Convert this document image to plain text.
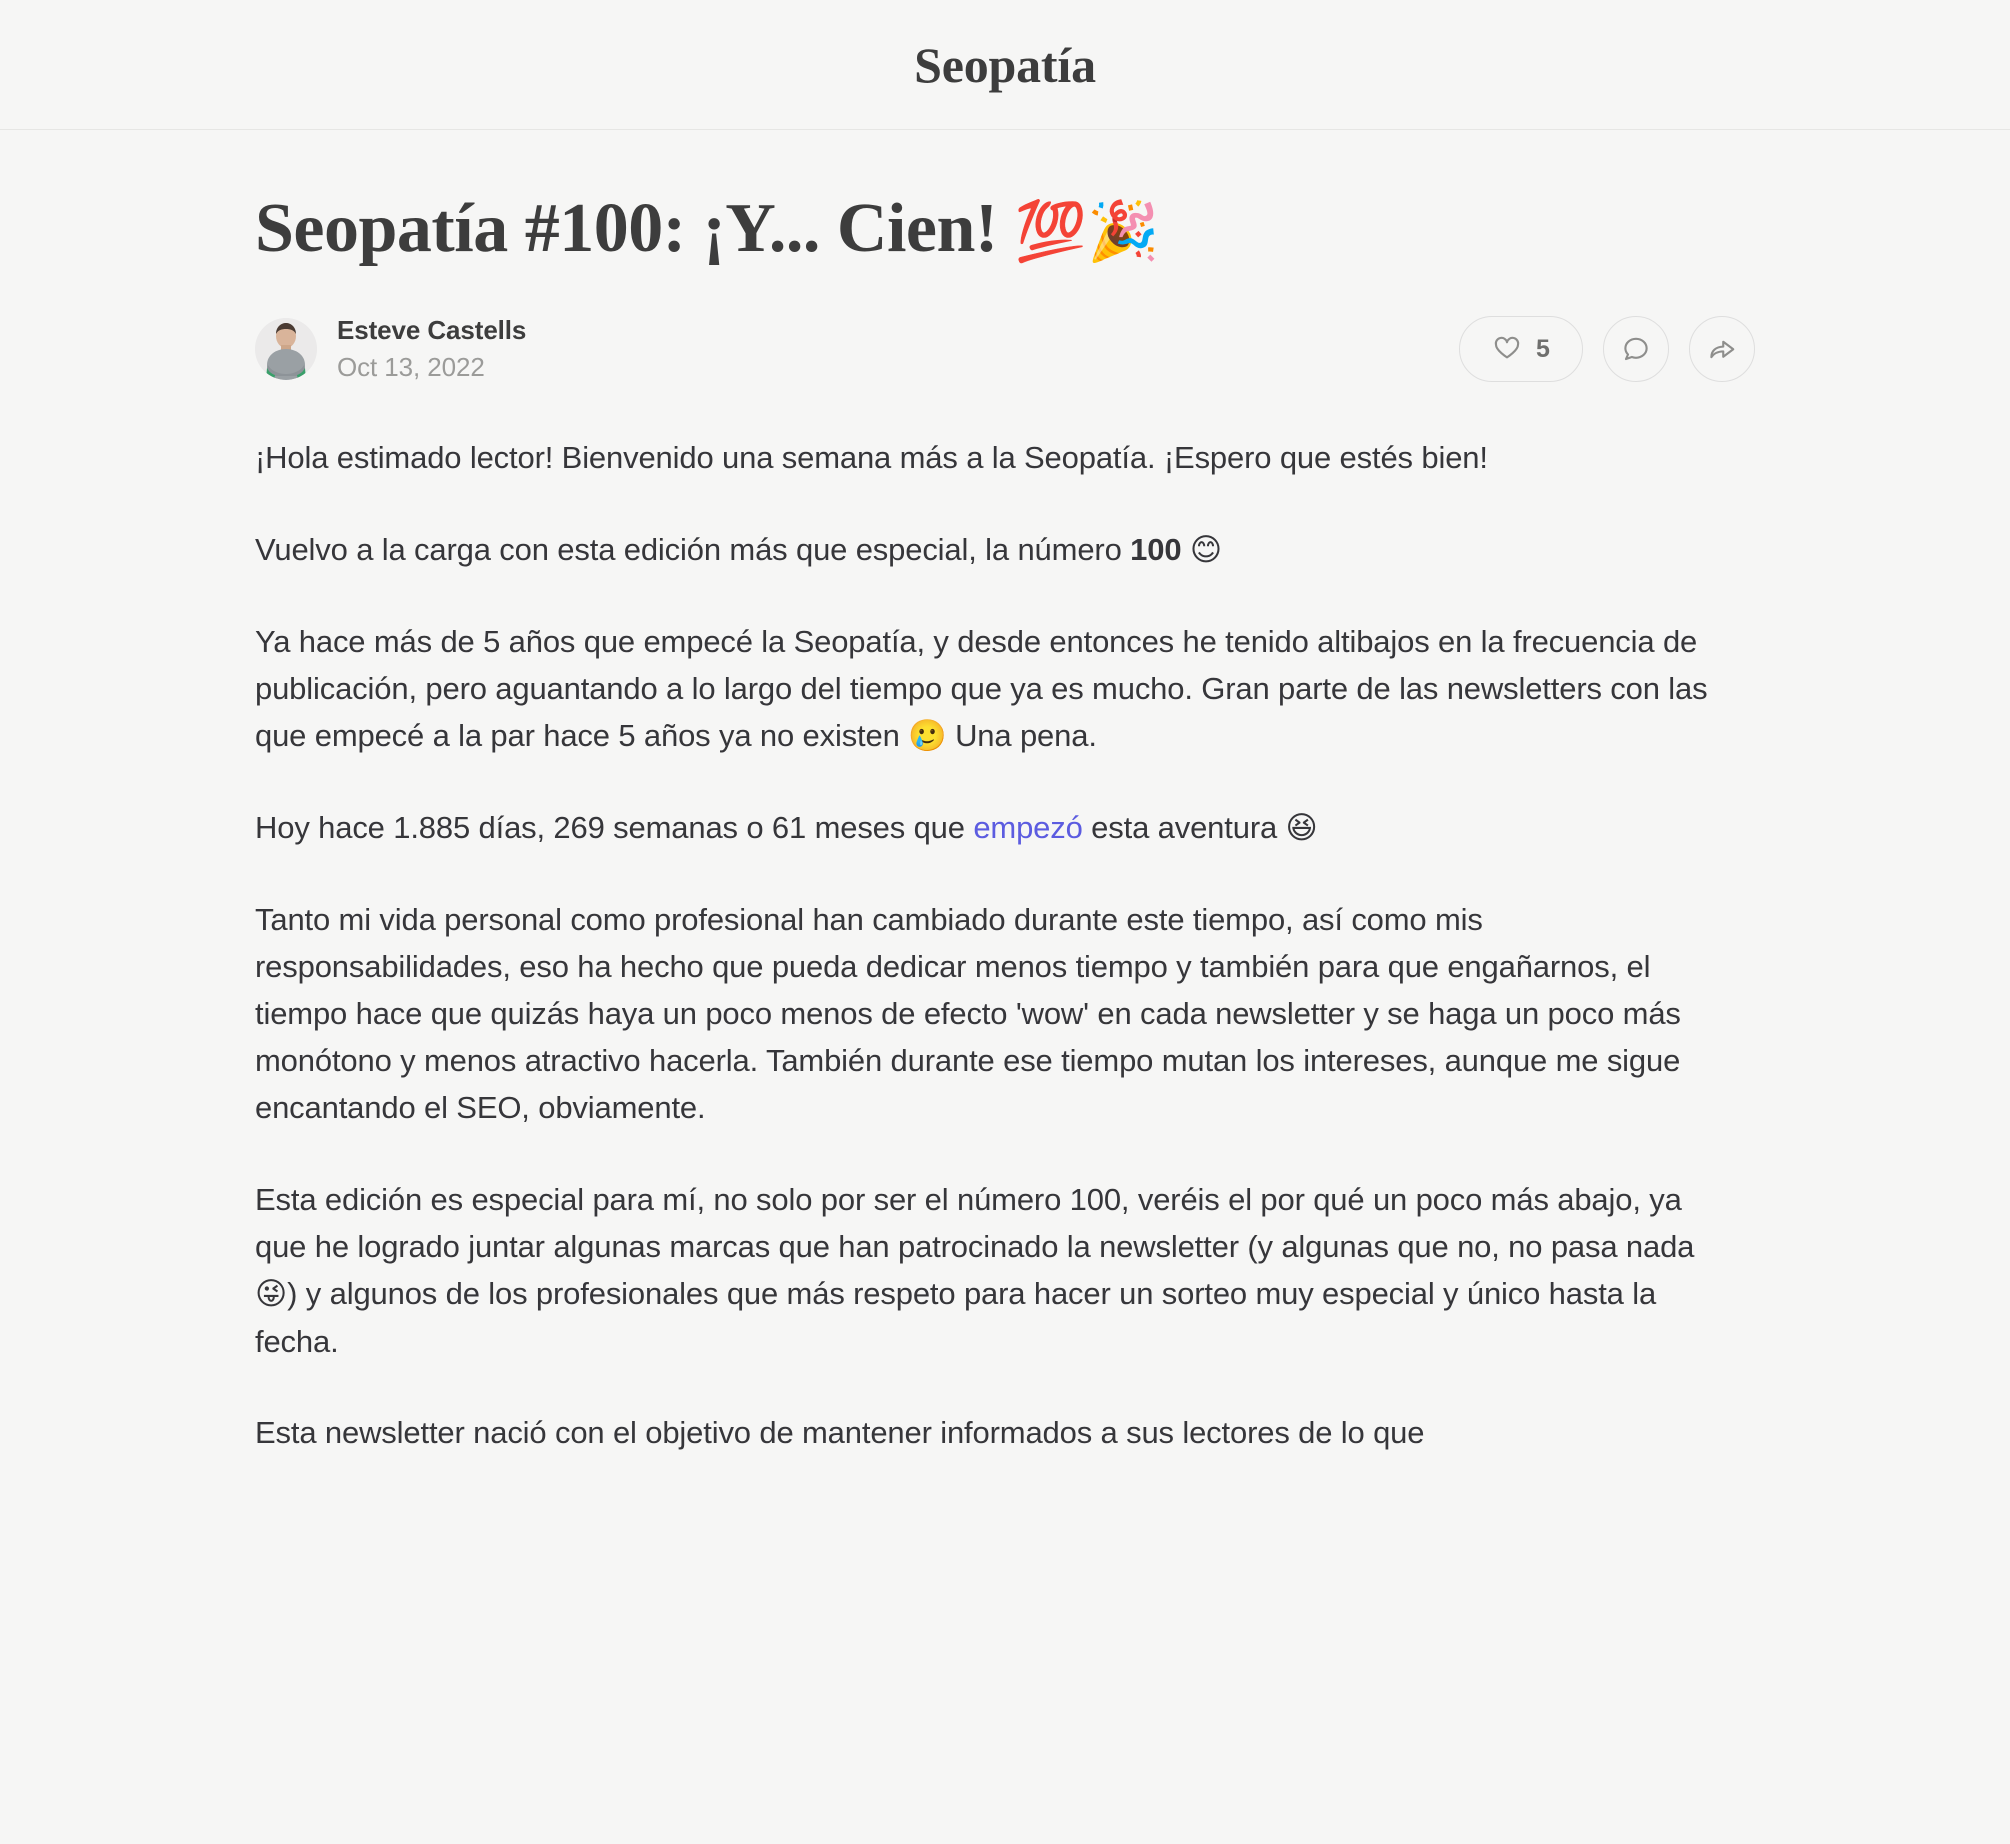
Seopatía
Seopatía #100: ¡Y... Cien! 💯🎉
Esteve Castells
Oct 13, 2022
5

¡Hola estimado lector! Bienvenido una semana más a la Seopatía. ¡Espero que estés bien!

Vuelvo a la carga con esta edición más que especial, la número 100 😊

Ya hace más de 5 años que empecé la Seopatía, y desde entonces he tenido altibajos en la frecuencia de publicación, pero aguantando a lo largo del tiempo que ya es mucho. Gran parte de las newsletters con las que empecé a la par hace 5 años ya no existen 🥲 Una pena.

Hoy hace 1.885 días, 269 semanas o 61 meses que empezó esta aventura 😆

Tanto mi vida personal como profesional han cambiado durante este tiempo, así como mis responsabilidades, eso ha hecho que pueda dedicar menos tiempo y también para que engañarnos, el tiempo hace que quizás haya un poco menos de efecto 'wow' en cada newsletter y se haga un poco más monótono y menos atractivo hacerla. También durante ese tiempo mutan los intereses, aunque me sigue encantando el SEO, obviamente.

Esta edición es especial para mí, no solo por ser el número 100, veréis el por qué un poco más abajo, ya que he logrado juntar algunas marcas que han patrocinado la newsletter (y algunas que no, no pasa nada 😜) y algunos de los profesionales que más respeto para hacer un sorteo muy especial y único hasta la fecha.

Esta newsletter nació con el objetivo de mantener informados a sus lectores de lo que
